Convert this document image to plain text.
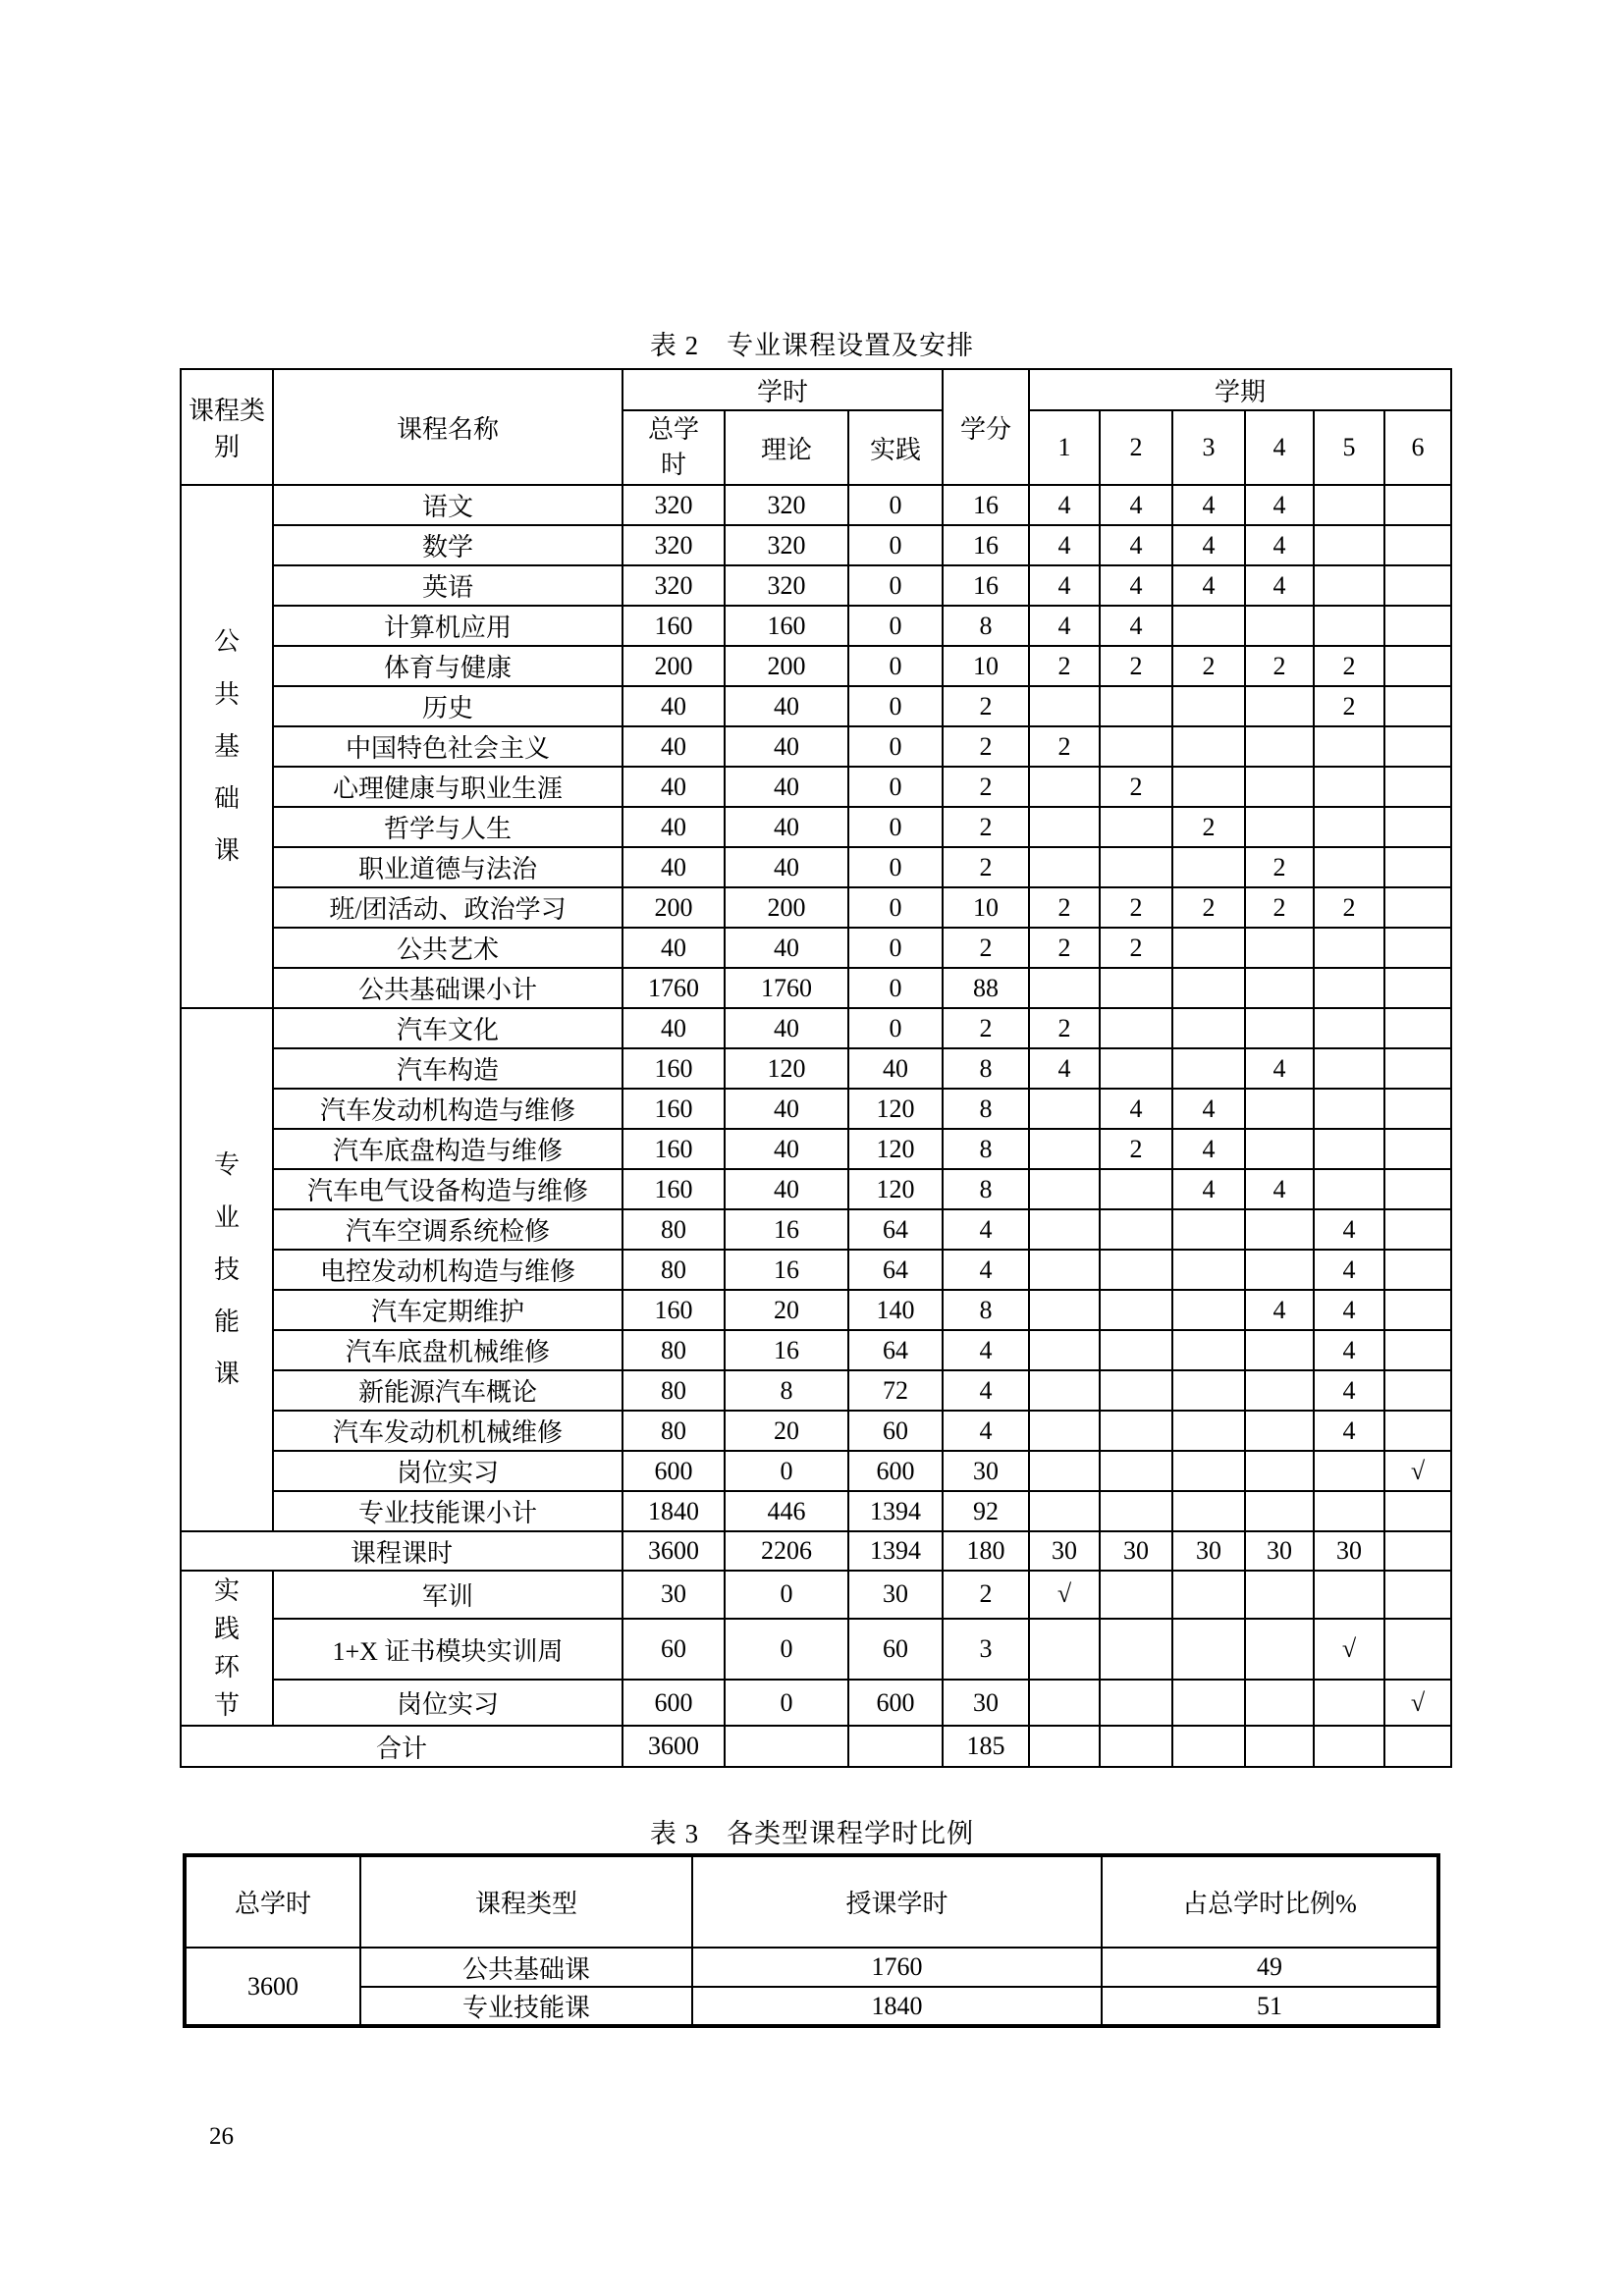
表 2　专业课程设置及安排
课程类别	课程名称	学时			学分	学期					
		总学时	理论	实践		1	2	3	4	5	6
公共基础课	语文	320	320	0	16	4	4	4	4		
	数学	320	320	0	16	4	4	4	4		
	英语	320	320	0	16	4	4	4	4		
	计算机应用	160	160	0	8	4	4				
	体育与健康	200	200	0	10	2	2	2	2	2	
	历史	40	40	0	2					2	
	中国特色社会主义	40	40	0	2	2					
	心理健康与职业生涯	40	40	0	2		2				
	哲学与人生	40	40	0	2			2			
	职业道德与法治	40	40	0	2				2		
	班/团活动、政治学习	200	200	0	10	2	2	2	2	2	
	公共艺术	40	40	0	2	2	2				
	公共基础课小计	1760	1760	0	88						
专业技能课	汽车文化	40	40	0	2	2					
	汽车构造	160	120	40	8	4			4		
	汽车发动机构造与维修	160	40	120	8		4	4			
	汽车底盘构造与维修	160	40	120	8		2	4			
	汽车电气设备构造与维修	160	40	120	8			4	4		
	汽车空调系统检修	80	16	64	4					4	
	电控发动机构造与维修	80	16	64	4					4	
	汽车定期维护	160	20	140	8				4	4	
	汽车底盘机械维修	80	16	64	4					4	
	新能源汽车概论	80	8	72	4					4	
	汽车发动机机械维修	80	20	60	4					4	
	岗位实习	600	0	600	30						√
	专业技能课小计	1840	446	1394	92						
课程课时		3600	2206	1394	180	30	30	30	30	30	
实践环节	军训	30	0	30	2	√					
	1+X 证书模块实训周	60	0	60	3					√	
	岗位实习	600	0	600	30						√
合计		3600			185						
表 3　各类型课程学时比例
总学时	课程类型	授课学时	占总学时比例%
3600	公共基础课	1760	49
	专业技能课	1840	51
26
